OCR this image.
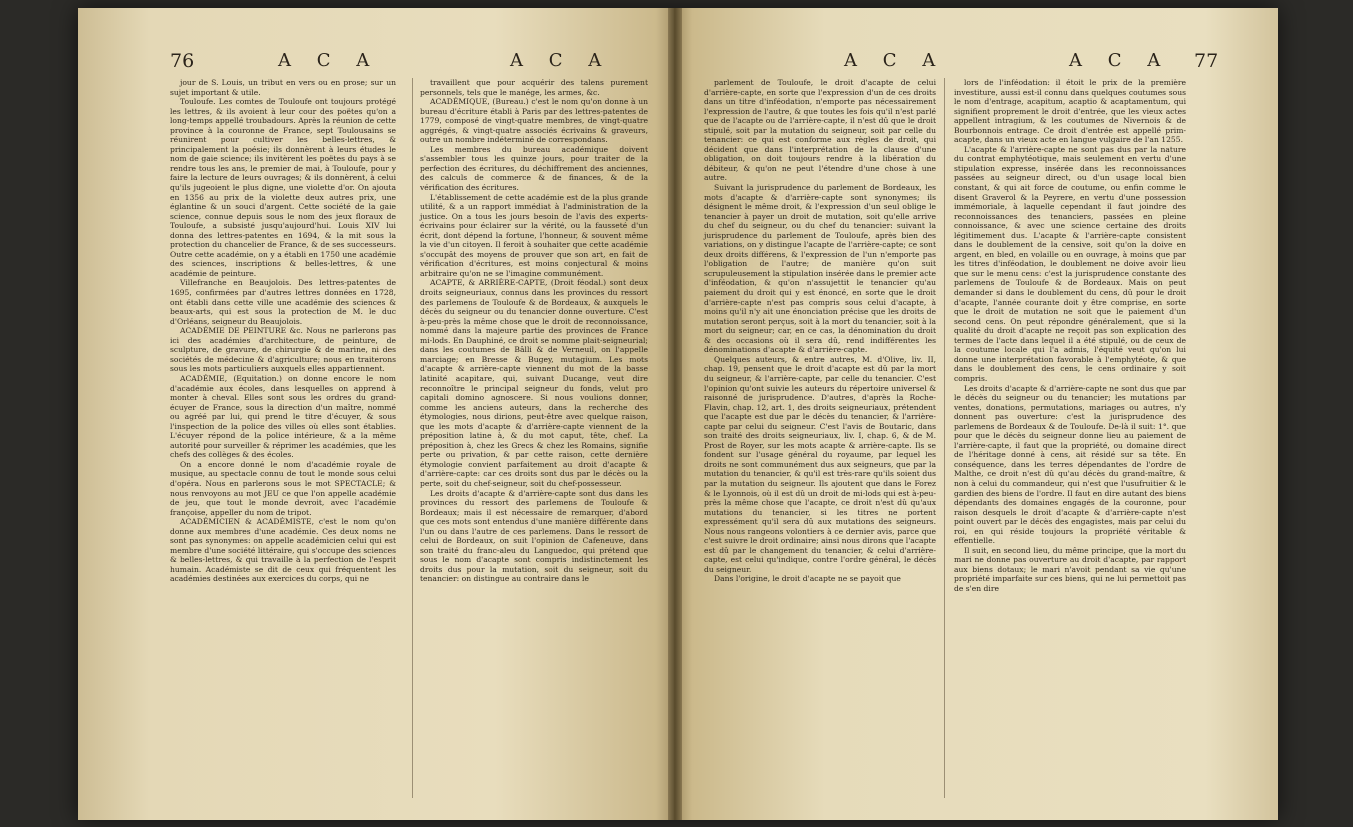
76	A C A	A C A

jour de S. Louis, un tribut en vers ou en prose; sur un sujet important & utile.

Touloufe. Les comtes de Touloufe ont toujours protégé les lettres, & ils avoient à leur cour des poëtes qu'on a long-temps appellé troubadours. Après la réunion de cette province à la couronne de France, sept Toulousains se réunirent pour cultiver les belles-lettres, & principalement la poésie; ils donnèrent à leurs études le nom de gaie science; ils invitèrent les poëtes du pays à se rendre tous les ans, le premier de mai, à Touloufe, pour y faire la lecture de leurs ouvrages; & ils donnèrent, à celui qu'ils jugeoient le plus digne, une violette d'or. On ajouta en 1356 au prix de la violette deux autres prix, une églantine & un souci d'argent. Cette société de la gaie science, connue depuis sous le nom des jeux floraux de Touloufe, a subsisté jusqu'aujourd'hui. Louis XIV lui donna des lettres-patentes en 1694, & la mit sous la protection du chancelier de France, & de ses successeurs. Outre cette académie, on y a établi en 1750 une académie des sciences, inscriptions & belles-lettres, & une académie de peinture.

Villefranche en Beaujolois. Des lettres-patentes de 1695, confirmées par d'autres lettres données en 1728, ont établi dans cette ville une académie des sciences & beaux-arts, qui est sous la protection de M. le duc d'Orléans, seigneur du Beaujolois.

ACADÉMIE DE PEINTURE &c. Nous ne parlerons pas ici des académies d'architecture, de peinture, de sculpture, de gravure, de chirurgie & de marine, ni des sociétés de médecine & d'agriculture; nous en traiterons sous les mots particuliers auxquels elles appartiennent.

ACADÉMIE, (Equitation.) on donne encore le nom d'académie aux écoles, dans lesquelles on apprend à monter à cheval. Elles sont sous les ordres du grand-écuyer de France, sous la direction d'un maître, nommé ou agréé par lui, qui prend le titre d'écuyer, & sous l'inspection de la police des villes où elles sont établies. L'écuyer répond de la police intérieure, & a la même autorité pour surveiller & réprimer les académies, que les chefs des collèges & des écoles.

On a encore donné le nom d'académie royale de musique, au spectacle connu de tout le monde sous celui d'opéra. Nous en parlerons sous le mot SPECTACLE; & nous renvoyons au mot JEU ce que l'on appelle académie de jeu, que tout le monde devroit, avec l'académie françoise, appeller du nom de tripot.

ACADÉMICIEN & ACADÉMISTE, c'est le nom qu'on donne aux membres d'une académie. Ces deux noms ne sont pas synonymes: on appelle académicien celui qui est membre d'une société littéraire, qui s'occupe des sciences & belles-lettres, & qui travaille à la perfection de l'esprit humain. Académiste se dit de ceux qui fréquentent les académies destinées aux exercices du corps, qui ne

travaillent que pour acquérir des talens purement personnels, tels que le manége, les armes, &c.

ACADÉMIQUE, (Bureau.) c'est le nom qu'on donne à un bureau d'écriture établi à Paris par des lettres-patentes de 1779, composé de vingt-quatre membres, de vingt-quatre aggrégés, & vingt-quatre associés écrivains & graveurs, outre un nombre indéterminé de correspondans.

Les membres du bureau académique doivent s'assembler tous les quinze jours, pour traiter de la perfection des écritures, du déchiffrement des anciennes, des calculs de commerce & de finances, & de la vérification des écritures.

L'établissement de cette académie est de la plus grande utilité, & a un rapport immédiat à l'administration de la justice. On a tous les jours besoin de l'avis des experts-écrivains pour éclairer sur la vérité, ou la fausseté d'un écrit, dont dépend la fortune, l'honneur, & souvent même la vie d'un citoyen. Il feroit à souhaiter que cette académie s'occupât des moyens de prouver que son art, en fait de vérification d'écritures, est moins conjectural & moins arbitraire qu'on ne se l'imagine communément.

ACAPTE, & ARRIÈRE-CAPTE, (Droit féodal.) sont deux droits seigneuriaux, connus dans les provinces du ressort des parlemens de Touloufe & de Bordeaux, & auxquels le décès du seigneur ou du tenancier donne ouverture. C'est à-peu-près la même chose que le droit de reconnoissance, nommé dans la majeure partie des provinces de France mi-lods. En Dauphiné, ce droit se nomme plait-seigneurial; dans les coutumes de Bâlli & de Verneuil, on l'appelle marciage; en Bresse & Bugey, mutagium. Les mots d'acapte & arrière-capte viennent du mot de la basse latinité acapitare, qui, suivant Ducange, veut dire reconnoître le principal seigneur du fonds, velut pro capitali domino agnoscere. Si nous voulions donner, comme les anciens auteurs, dans la recherche des étymologies, nous dirions, peut-être avec quelque raison, que les mots d'acapte & d'arrière-capte viennent de la préposition latine à, & du mot caput, tête, chef. La préposition à, chez les Grecs & chez les Romains, signifie perte ou privation, & par cette raison, cette dernière étymologie convient parfaitement au droit d'acapte & d'arrière-capte: car ces droits sont dus par le décès ou la perte, soit du chef-seigneur, soit du chef-possesseur.

Les droits d'acapte & d'arrière-capte sont dus dans les provinces du ressort des parlemens de Touloufe & Bordeaux; mais il est nécessaire de remarquer, d'abord que ces mots sont entendus d'une manière différente dans l'un ou dans l'autre de ces parlemens. Dans le ressort de celui de Bordeaux, on suit l'opinion de Cafeneuve, dans son traité du franc-aleu du Languedoc, qui prétend que sous le nom d'acapte sont compris indistinctement les droits dus pour la mutation, soit du seigneur, soit du tenancier: on distingue au contraire dans le

A C A	A C A 77

parlement de Touloufe, le droit d'acapte de celui d'arrière-capte, en sorte que l'expression d'un de ces droits dans un titre d'inféodation, n'emporte pas nécessairement l'expression de l'autre, & que toutes les fois qu'il n'est parlé que de l'acapte ou de l'arrière-capte, il n'est dû que le droit stipulé, soit par la mutation du seigneur, soit par celle du tenancier: ce qui est conforme aux règles de droit, qui décident que dans l'interprétation de la clause d'une obligation, on doit toujours rendre à la libération du débiteur, & qu'on ne peut l'étendre d'une chose à une autre.

Suivant la jurisprudence du parlement de Bordeaux, les mots d'acapte & d'arrière-capte sont synonymes; ils désignent le même droit, & l'expression d'un seul oblige le tenancier à payer un droit de mutation, soit qu'elle arrive du chef du seigneur, ou du chef du tenancier: suivant la jurisprudence du parlement de Touloufe, après bien des variations, on y distingue l'acapte de l'arrière-capte; ce sont deux droits différens, & l'expression de l'un n'emporte pas l'obligation de l'autre; de manière qu'on suit scrupuleusement la stipulation insérée dans le premier acte d'inféodation, & qu'on n'assujettit le tenancier qu'au paiement du droit qui y est énoncé, en sorte que le droit d'arrière-capte n'est pas compris sous celui d'acapte, à moins qu'il n'y ait une énonciation précise que les droits de mutation seront perçus, soit à la mort du tenancier, soit à la mort du seigneur; car, en ce cas, la dénomination du droit & des occasions où il sera dû, rend indifférentes les dénominations d'acapte & d'arrière-capte.

Quelques auteurs, & entre autres, M. d'Olive, liv. II, chap. 19, pensent que le droit d'acapte est dû par la mort du seigneur, & l'arrière-capte, par celle du tenancier. C'est l'opinion qu'ont suivie les auteurs du répertoire universel & raisonné de jurisprudence. D'autres, d'après la Roche-Flavin, chap. 12, art. 1, des droits seigneuriaux, prétendent que l'acapte est due par le décès du tenancier, & l'arrière-capte par celui du seigneur. C'est l'avis de Boutaric, dans son traité des droits seigneuriaux, liv. I, chap. 6, & de M. Prost de Royer, sur les mots acapte & arrière-capte. Ils se fondent sur l'usage général du royaume, par lequel les droits ne sont communément dus aux seigneurs, que par la mutation du tenancier, & qu'il est très-rare qu'ils soient dus par la mutation du seigneur. Ils ajoutent que dans le Forez & le Lyonnois, où il est dû un droit de mi-lods qui est à-peu-près la même chose que l'acapte, ce droit n'est dû qu'aux mutations du tenancier, si les titres ne portent expressément qu'il sera dû aux mutations des seigneurs. Nous nous rangeons volontiers à ce dernier avis, parce que c'est suivre le droit ordinaire; ainsi nous dirons que l'acapte est dû par le changement du tenancier, & celui d'arrière-capte, est celui qu'indique, contre l'ordre général, le décès du seigneur.

Dans l'origine, le droit d'acapte ne se payoit que

lors de l'inféodation: il étoit le prix de la première investiture, aussi est-il connu dans quelques coutumes sous le nom d'entrage, acapitum, acaptio & acaptamentum, qui signifient proprement le droit d'entrée, que les vieux actes appellent intragium, & les coutumes de Nivernois & de Bourbonnois entrage. Ce droit d'entrée est appellé prim-acapte, dans un vieux acte en langue vulgaire de l'an 1255.

L'acapte & l'arrière-capte ne sont pas dus par la nature du contrat emphytéotique, mais seulement en vertu d'une stipulation expresse, insérée dans les reconnoissances passées au seigneur direct, ou d'un usage local bien constant, & qui ait force de coutume, ou enfin comme le disent Graverol & la Peyrere, en vertu d'une possession immémoriale, à laquelle cependant il faut joindre des reconnoissances des tenanciers, passées en pleine connoissance, & avec une science certaine des droits légitimement dus. L'acapte & l'arrière-capte consistent dans le doublement de la censive, soit qu'on la doive en argent, en bled, en volaille ou en ouvrage, à moins que par les titres d'inféodation, le doublement ne doive avoir lieu que sur le menu cens: c'est la jurisprudence constante des parlemens de Touloufe & de Bordeaux. Mais on peut demander si dans le doublement du cens, dû pour le droit d'acapte, l'année courante doit y être comprise, en sorte que le droit de mutation ne soit que le paiement d'un second cens. On peut répondre généralement, que si la qualité du droit d'acapte ne reçoit pas son explication des termes de l'acte dans lequel il a été stipulé, ou de ceux de la coutume locale qui l'a admis, l'équité veut qu'on lui donne une interprétation favorable à l'emphytéote, & que dans le doublement des cens, le cens ordinaire y soit compris.

Les droits d'acapte & d'arrière-capte ne sont dus que par le décès du seigneur ou du tenancier; les mutations par ventes, donations, permutations, mariages ou autres, n'y donnent pas ouverture: c'est la jurisprudence des parlemens de Bordeaux & de Touloufe. De-là il suit: 1°. que pour que le décès du seigneur donne lieu au paiement de l'arrière-capte, il faut que la propriété, ou domaine direct de l'héritage donné à cens, ait résidé sur sa tête. En conséquence, dans les terres dépendantes de l'ordre de Malthe, ce droit n'est dû qu'au décès du grand-maître, & non à celui du commandeur, qui n'est que l'usufruitier & le gardien des biens de l'ordre. Il faut en dire autant des biens dépendants des domaines engagés de la couronne, pour raison desquels le droit d'acapte & d'arrière-capte n'est point ouvert par le décès des engagistes, mais par celui du roi, en qui réside toujours la propriété véritable & effentielle.

Il suit, en second lieu, du même principe, que la mort du mari ne donne pas ouverture au droit d'acapte, par rapport aux biens dotaux; le mari n'avoit pendant sa vie qu'une propriété imparfaite sur ces biens, qui ne lui permettoit pas de s'en dire
